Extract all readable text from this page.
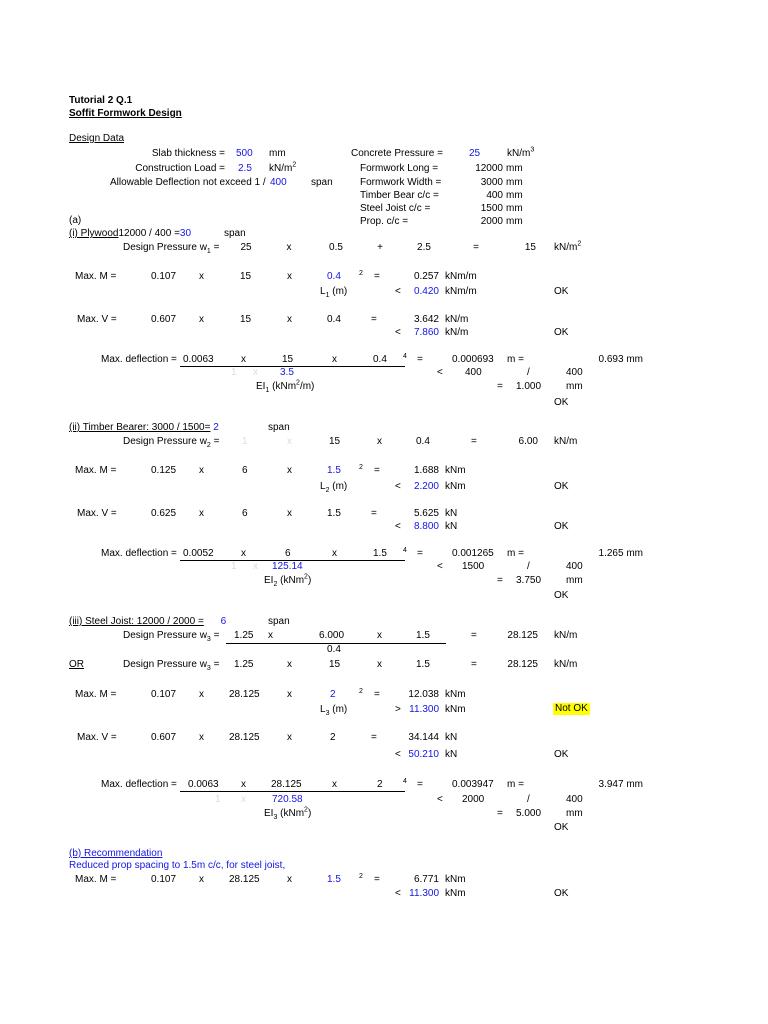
Tutorial 2 Q.1
Soffit Formwork Design
Design Data
Slab thickness = 500 mm
Construction Load = 2.5 $kN/m^2$
Allowable Deflection not exceed 1 / 400 span
Concrete Pressure =	25	$kN/m^3$
Formwork Long =	12000 mm
Formwork Width =	3000 mm
Timber Bear c/c =	400 mm
Steel Joist c/c =	1500 mm
Prop. c/c =	2000 mm
(a)
(i) Plywood12000 / 400 =30	span
Design Pressure $w_1$ =	25	x	0.5	+	2.5	=	15 $kN/m^2$
Max. M =	0.107 x	15	x	0.4	2 =	0.257 kNm/m
$L_1$ (m)	< 0.420 kNm/m	OK
Max. V =	0.607 x	15	x	0.4	=	3.642 kN/m
< 7.860 kN/m	OK
Max. deflection = 0.0063	x	15	x	0.4 4 =	0.000693 m =	0.693 mm
1 x 3.5	< 400	/	400
$EI_1$ (kNm$^2$/m)	= 1.000 mm
OK
(ii) Timber Bearer: 3000 / 1500= 2	span
Design Pressure $w_2 = 1$	x	15	x	0.4	=	6.00 kN/m
Max. M =	0.125 x	6	x	1.5	2 =	1.688 kNm
$L_2$ (m)	< 2.200 kNm	OK
Max. V =	0.625 x	6	x	1.5	=	5.625 kN
< 8.800 kN	OK
Max. deflection = 0.0052	x	6	x	1.5 4 =	0.001265 m =	1.265 mm
1 x 125.14	< 1500	/	400
$EI_2$ (kNm$^2$)	= 3.750 mm
OK
(iii) Steel Joist: 12000 / 2000 = 6	span
Design Pressure $w_3 = 1.25$ x	6.000	x	1.5	=	28.125 kN/m
0.4
OR	Design Pressure $w_3 = 1.25$	x	15	x	1.5	=	28.125 kN/m
Max. M =	0.107 x	28.125	x	2	2 =	12.038 kNm
$L_3$ (m)	> 11.300 kNm	Not OK
Max. V =	0.607 x	28.125	x	2	=	34.144 kN
< 50.210 kN	OK
Max. deflection = 0.0063 x	28.125	x	2	4 =	0.003947 m =	3.947 mm
1 x	720.58	< 2000	/	400
$EI_3$ (kNm$^2$)	= 5.000 mm
OK
(b) Recommendation
Reduced prop spacing to 1.5m c/c, for steel joist,
Max. M =	0.107 x	28.125	x	1.5	2 =	6.771 kNm
< 11.300 kNm	OK
